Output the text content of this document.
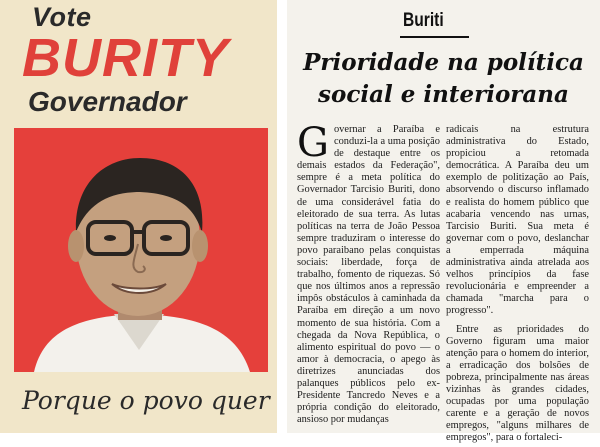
Vote
BURITY
Governador
Porque o povo quer
Buriti
Prioridade na política
social e interiorana

Governar a Paraíba e conduzi-la a uma posição de destaque entre os demais estados da Federação", sempre é a meta política do Governador Tarcisio Buriti, dono de uma considerável fatia do eleitorado de sua terra. As lutas políticas na terra de João Pessoa sempre traduziram o interesse do povo paraibano pelas conquistas sociais: liberdade, força de trabalho, fomento de riquezas. Só que nos últimos anos a repressão impôs obstáculos à caminhada da Paraíba em direção a um novo momento de sua história. Com a chegada da Nova República, o alimento espiritual do povo — o amor à democracia, o apego às diretrizes anunciadas dos palanques públicos pelo ex-Presidente Tancredo Neves e a própria condição do eleitorado, ansioso por mudanças

radicais na estrutura administrativa do Estado, propiciou a retomada democrática. A Paraíba deu um exemplo de politização ao País, absorvendo o discurso inflamado e realista do homem público que acabaria vencendo nas urnas, Tarcisio Buriti. Sua meta é governar com o povo, deslanchar a emperrada máquina administrativa ainda atrelada aos velhos princípios da fase revolucionária e empreender a chamada "marcha para o progresso".

Entre as prioridades do Governo figuram uma maior atenção para o homem do interior, a erradicação dos bolsões de pobreza, principalmente nas áreas vizinhas às grandes cidades, ocupadas por uma população carente e a geração de novos empregos, "alguns milhares de empregos", para o fortaleci-
